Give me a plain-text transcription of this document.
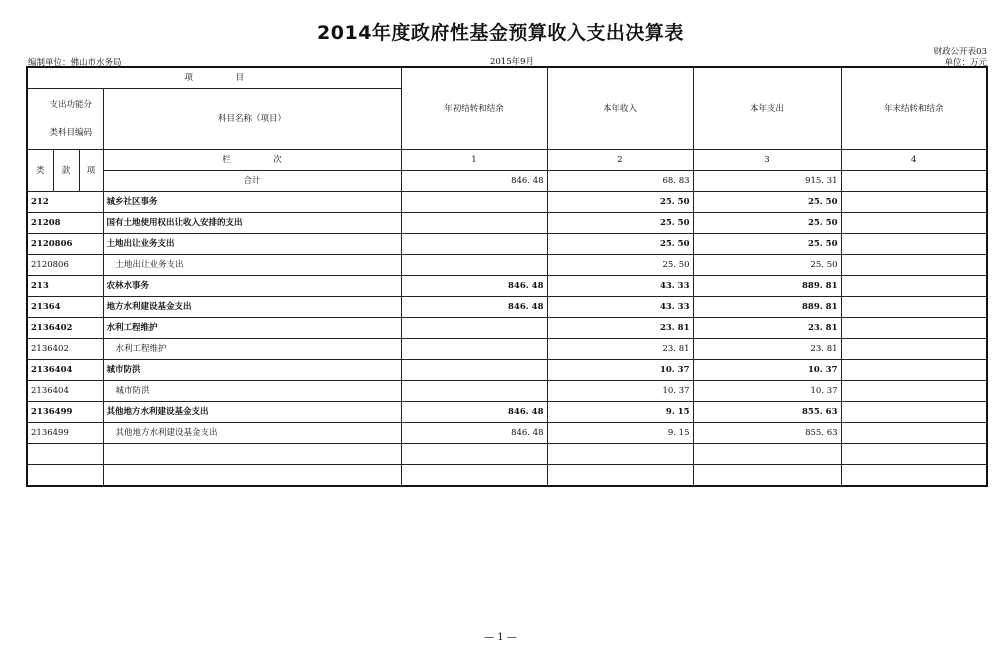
2014年度政府性基金预算收入支出决算表
财政公开表03
编制单位：佛山市水务局	2015年9月	单位：万元
项　　　　　目				年初结转和结余	本年收入	本年支出	年末结转和结余

支出功能分
类科目编码			科目名称（项目）				

类	款	项	栏　　　　　次	1	2	3	4
			合计	846. 48	68. 83	915. 31	
212			城乡社区事务		25. 50	25. 50	
21208			国有土地使用权出让收入安排的支出		25. 50	25. 50	
2120806			土地出让业务支出		25. 50	25. 50	
2120806			土地出让业务支出		25. 50	25. 50	
213			农林水事务	846. 48	43. 33	889. 81	
21364			地方水利建设基金支出	846. 48	43. 33	889. 81	
2136402			水利工程维护		23. 81	23. 81	
2136402			水利工程维护		23. 81	23. 81	
2136404			城市防洪		10. 37	10. 37	
2136404			城市防洪		10. 37	10. 37	
2136499			其他地方水利建设基金支出	846. 48	9. 15	855. 63	
2136499			其他地方水利建设基金支出	846. 48	9. 15	855. 63	

— 1 —
